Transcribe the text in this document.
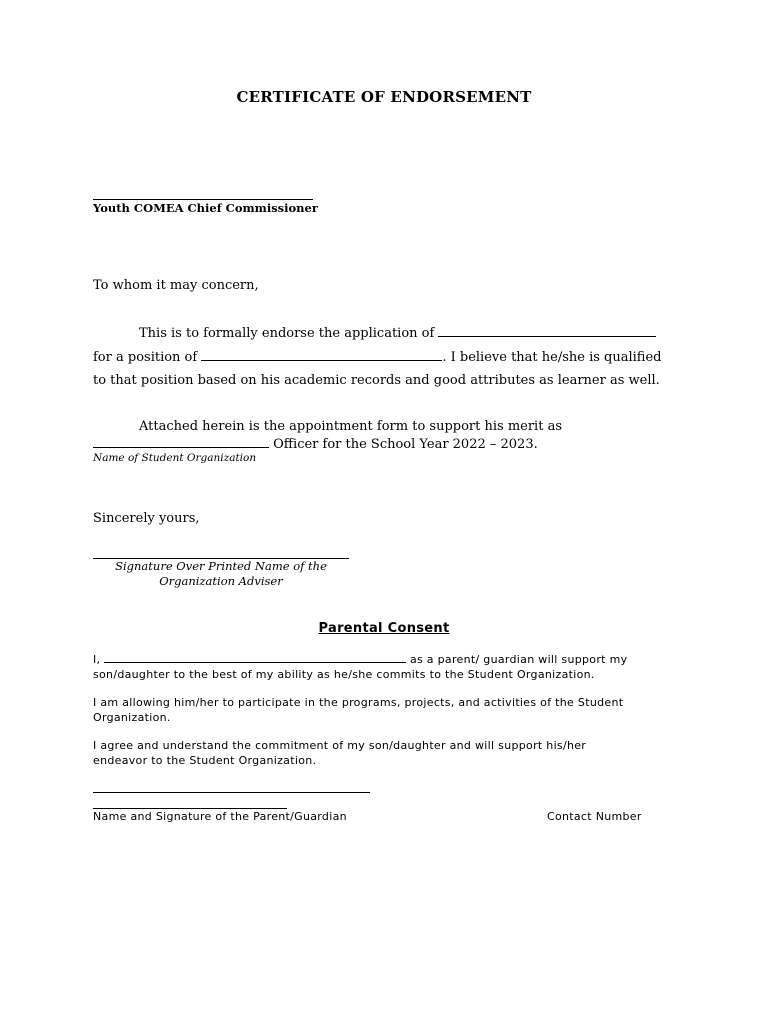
CERTIFICATE OF ENDORSEMENT
Youth COMEA Chief Commissioner
To whom it may concern,
This is to formally endorse the application of
for a position of	. I believe that he/she is qualified
to that position based on his academic records and good attributes as learner as well.
Attached herein is the appointment form to support his merit as
Officer for the School Year 2022 – 2023.
Name of Student Organization
Sincerely yours,
Signature Over Printed Name of the
Organization Adviser
Parental Consent
I,	as a parent/ guardian will support my
son/daughter to the best of my ability as he/she commits to the Student Organization.
I am allowing him/her to participate in the programs, projects, and activities of the Student
Organization.
I agree and understand the commitment of my son/daughter and will support his/her
endeavor to the Student Organization.
Name and Signature of the Parent/Guardian	Contact Number
